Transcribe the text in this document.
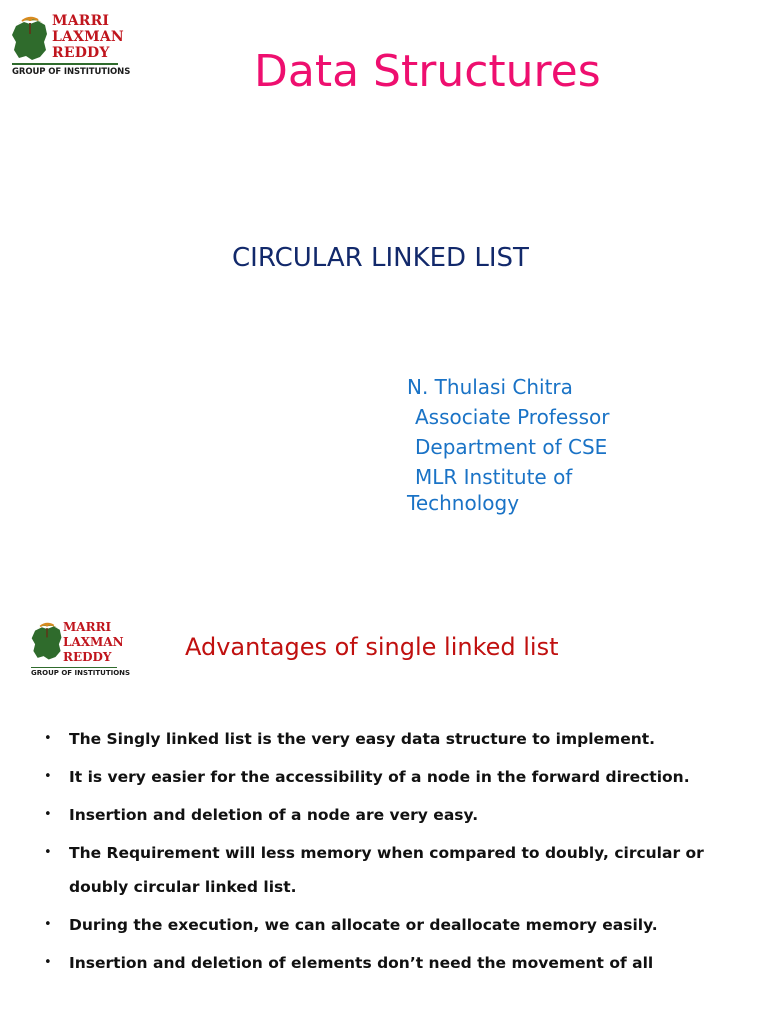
MARRI
LAXMAN
REDDY
GROUP OF INSTITUTIONS	Data Structures
CIRCULAR LINKED LIST
N. Thulasi Chitra
Associate Professor
Department of CSE
MLR Institute of
Technology
MARRI
LAXMAN
REDDY
GROUP OF INSTITUTIONS
Advantages of single linked list
• The Singly linked list is the very easy data structure to implement.
• It is very easier for the accessibility of a node in the forward direction.
• Insertion and deletion of a node are very easy.
• The Requirement will less memory when compared to doubly, circular or doubly circular linked list.
• During the execution, we can allocate or deallocate memory easily.
• Insertion and deletion of elements don’t need the movement of all
